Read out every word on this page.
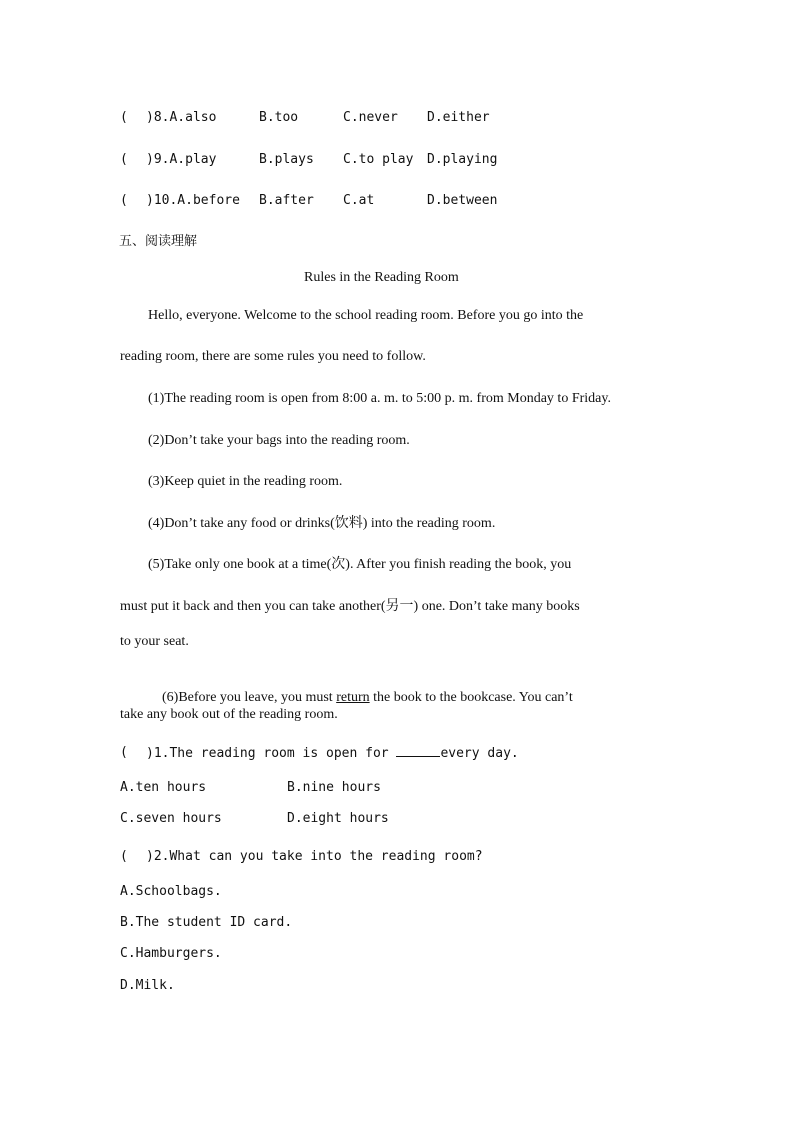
( )8.A.also	B.too	C.never D.either
( )9.A.play	B.plays C.to play D.playing
( )10.A.before B.after C.at	D.between
五、阅读理解
Rules in the Reading Room
Hello, everyone. Welcome to the school reading room. Before you go into the
reading room, there are some rules you need to follow.
(1)The reading room is open from 8:00 a. m. to 5:00 p. m. from Monday to Friday.
(2)Don’t take your bags into the reading room.
(3)Keep quiet in the reading room.
(4)Don’t take any food or drinks(饮料) into the reading room.
(5)Take only one book at a time(次). After you finish reading the book, you
must put it back and then you can take another(另一) one. Don’t take many books
to your seat.

(6)Before you leave, you must return the book to the bookcase. You can’t

take any book out of the reading room.
( )1.The reading room is open for	every day.
A.ten hours	B.nine hours
C.seven hours	D.eight hours
( )2.What can you take into the reading room?
A.Schoolbags.
B.The student ID card.
C.Hamburgers.
D.Milk.
